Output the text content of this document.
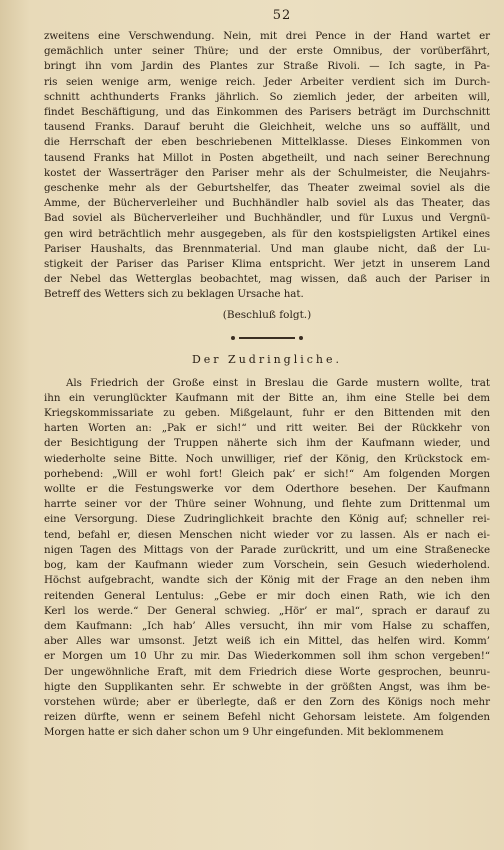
52
zweitens eine Verschwendung. Nein, mit drei Pence in der Hand wartet er
gemächlich unter seiner Thüre; und der erste Omnibus, der vorüberfährt,
bringt ihn vom Jardin des Plantes zur Straße Rivoli. — Ich sagte, in Pa-
ris seien wenige arm, wenige reich. Jeder Arbeiter verdient sich im Durch-
schnitt achthunderts Franks jährlich. So ziemlich jeder, der arbeiten will,
findet Beschäftigung, und das Einkommen des Parisers beträgt im Durchschnitt
tausend Franks. Darauf beruht die Gleichheit, welche uns so auffällt, und
die Herrschaft der eben beschriebenen Mittelklasse. Dieses Einkommen von
tausend Franks hat Millot in Posten abgetheilt, und nach seiner Berechnung
kostet der Wasserträger den Pariser mehr als der Schulmeister, die Neujahrs-
geschenke mehr als der Geburtshelfer, das Theater zweimal soviel als die
Amme, der Bücherverleiher und Buchhändler halb soviel als das Theater, das
Bad soviel als Bücherverleiher und Buchhändler, und für Luxus und Vergnü-
gen wird beträchtlich mehr ausgegeben, als für den kostspieligsten Artikel eines
Pariser Haushalts, das Brennmaterial. Und man glaube nicht, daß der Lu-
stigkeit der Pariser das Pariser Klima entspricht. Wer jetzt in unserem Land
der Nebel das Wetterglas beobachtet, mag wissen, daß auch der Pariser in
Betreff des Wetters sich zu beklagen Ursache hat.
(Beschluß folgt.)
Der Zudringliche.
Als Friedrich der Große einst in Breslau die Garde mustern wollte, trat
ihn ein verunglückter Kaufmann mit der Bitte an, ihm eine Stelle bei dem
Kriegskommissariate zu geben. Mißgelaunt, fuhr er den Bittenden mit den
harten Worten an: „Pak er sich!“ und ritt weiter. Bei der Rückkehr von
der Besichtigung der Truppen näherte sich ihm der Kaufmann wieder, und
wiederholte seine Bitte. Noch unwilliger, rief der König, den Krückstock em-
porhebend: „Will er wohl fort! Gleich pak’ er sich!“ Am folgenden Morgen
wollte er die Festungswerke vor dem Oderthore besehen. Der Kaufmann
harrte seiner vor der Thüre seiner Wohnung, und flehte zum Drittenmal um
eine Versorgung. Diese Zudringlichkeit brachte den König auf; schneller rei-
tend, befahl er, diesen Menschen nicht wieder vor zu lassen. Als er nach ei-
nigen Tagen des Mittags von der Parade zurückritt, und um eine Straßenecke
bog, kam der Kaufmann wieder zum Vorschein, sein Gesuch wiederholend.
Höchst aufgebracht, wandte sich der König mit der Frage an den neben ihm
reitenden General Lentulus: „Gebe er mir doch einen Rath, wie ich den
Kerl los werde.“ Der General schwieg. „Hör’ er mal“, sprach er darauf zu
dem Kaufmann: „Ich hab’ Alles versucht, ihn mir vom Halse zu schaffen,
aber Alles war umsonst. Jetzt weiß ich ein Mittel, das helfen wird. Komm’
er Morgen um 10 Uhr zu mir. Das Wiederkommen soll ihm schon vergeben!“
Der ungewöhnliche Eraft, mit dem Friedrich diese Worte gesprochen, beunru-
higte den Supplikanten sehr. Er schwebte in der größten Angst, was ihm be-
vorstehen würde; aber er überlegte, daß er den Zorn des Königs noch mehr
reizen dürfte, wenn er seinem Befehl nicht Gehorsam leistete. Am folgenden
Morgen hatte er sich daher schon um 9 Uhr eingefunden. Mit beklommenem
